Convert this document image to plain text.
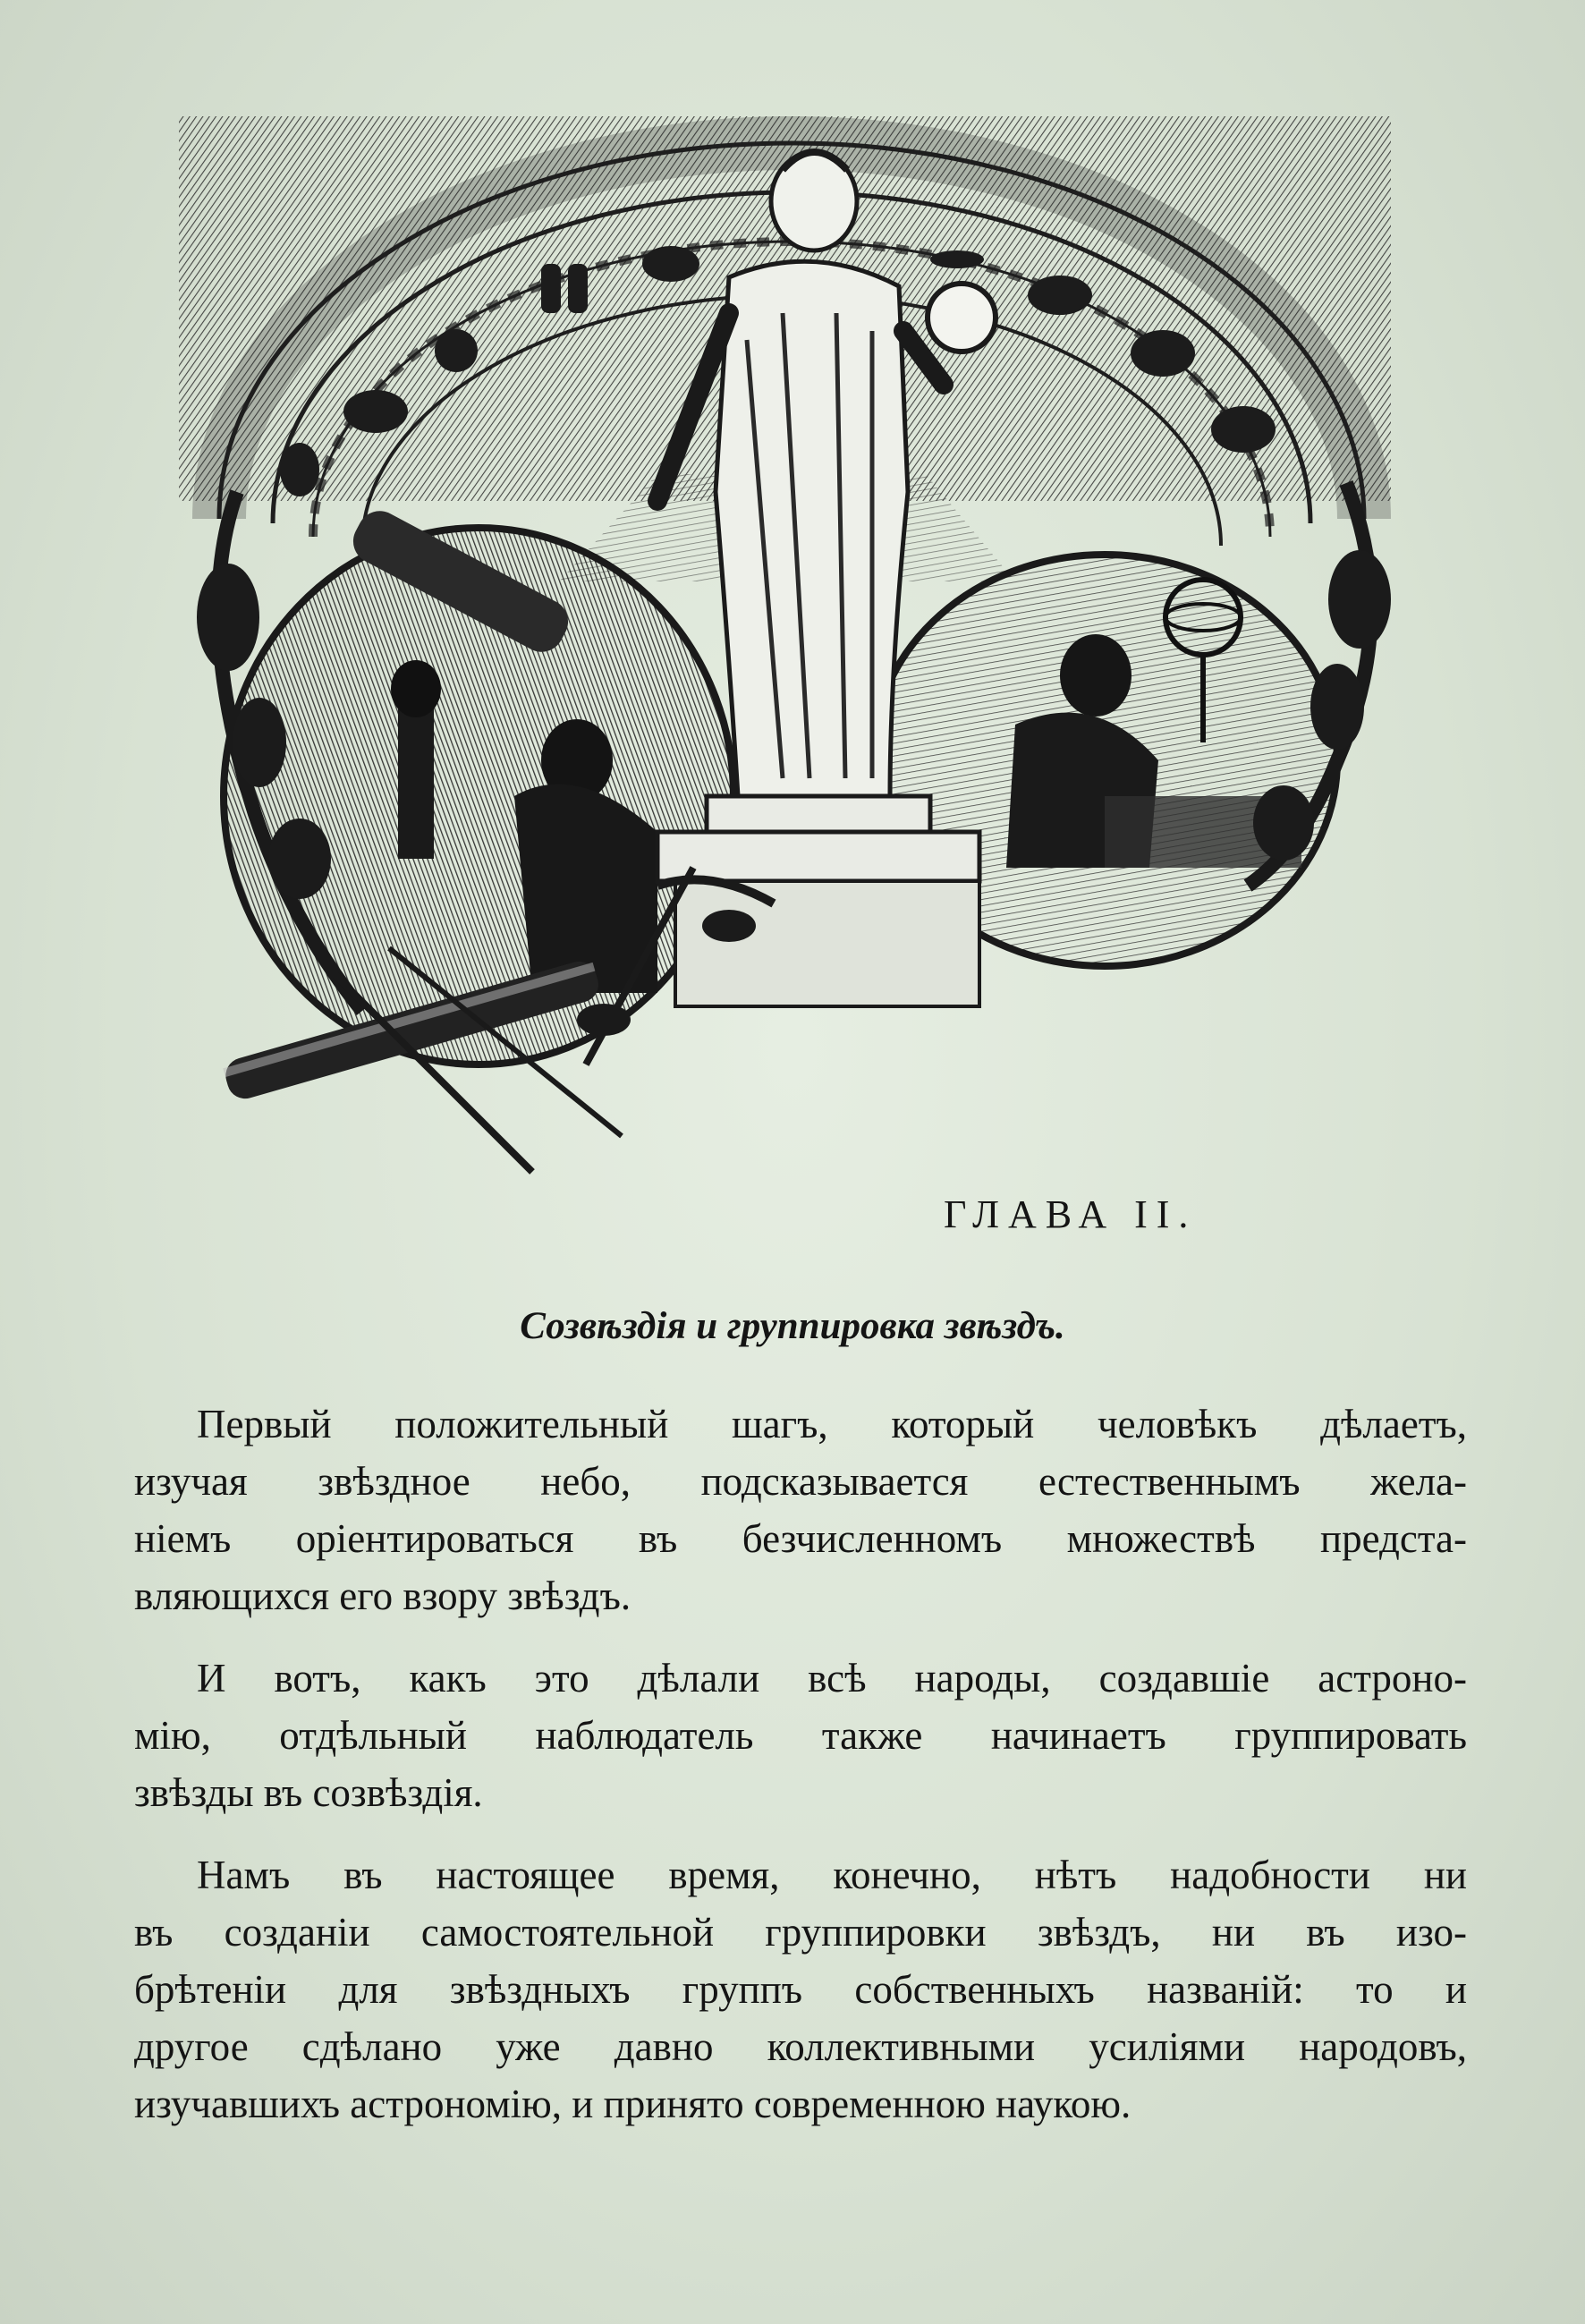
ГЛАВА II.
Созвѣздія и группировка звѣздъ.

Первый положительный шагъ, который человѣкъ дѣлаетъ,
изучая звѣздное небо, подсказывается естественнымъ жела-
ніемъ оріентироваться въ безчисленномъ множествѣ предста-
вляющихся его взору звѣздъ.

И вотъ, какъ это дѣлали всѣ народы, создавшіе астроно-
мію, отдѣльный наблюдатель также начинаетъ группировать
звѣзды въ созвѣздія.

Намъ въ настоящее время, конечно, нѣтъ надобности ни
въ созданіи самостоятельной группировки звѣздъ, ни въ изо-
брѣтеніи для звѣздныхъ группъ собственныхъ названій: то и
другое сдѣлано уже давно коллективными усиліями народовъ,
изучавшихъ астрономію, и принято современною наукою.
